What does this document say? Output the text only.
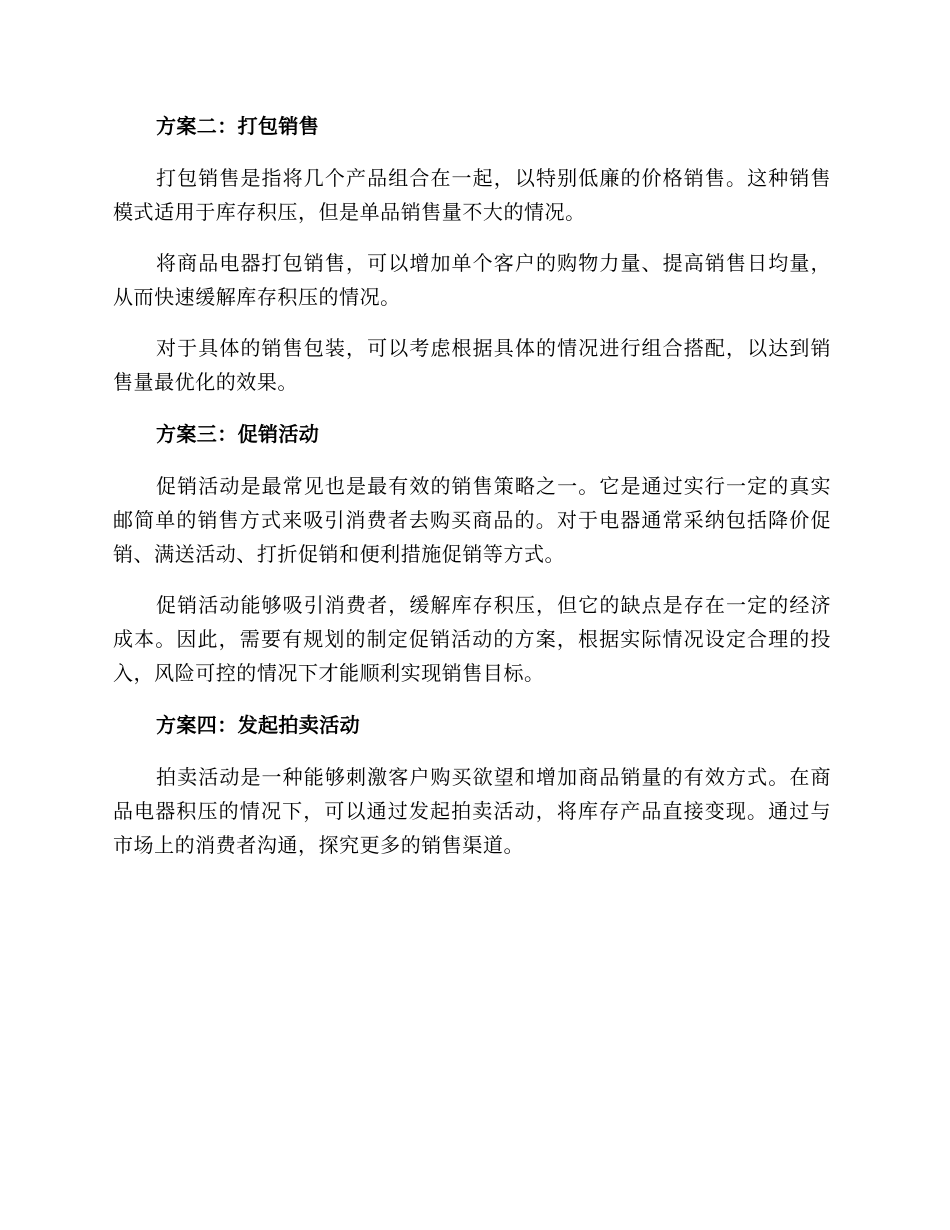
方案二：打包销售

打包销售是指将几个产品组合在一起，以特别低廉的价格销售。这种销售模式适用于库存积压，但是单品销售量不大的情况。

将商品电器打包销售，可以增加单个客户的购物力量、提高销售日均量，从而快速缓解库存积压的情况。

对于具体的销售包装，可以考虑根据具体的情况进行组合搭配，以达到销售量最优化的效果。

方案三：促销活动

促销活动是最常见也是最有效的销售策略之一。它是通过实行一定的真实邮简单的销售方式来吸引消费者去购买商品的。对于电器通常采纳包括降价促销、满送活动、打折促销和便利措施促销等方式。

促销活动能够吸引消费者，缓解库存积压，但它的缺点是存在一定的经济成本。因此，需要有规划的制定促销活动的方案，根据实际情况设定合理的投入，风险可控的情况下才能顺利实现销售目标。

方案四：发起拍卖活动

拍卖活动是一种能够刺激客户购买欲望和增加商品销量的有效方式。在商品电器积压的情况下，可以通过发起拍卖活动，将库存产品直接变现。通过与市场上的消费者沟通，探究更多的销售渠道。
